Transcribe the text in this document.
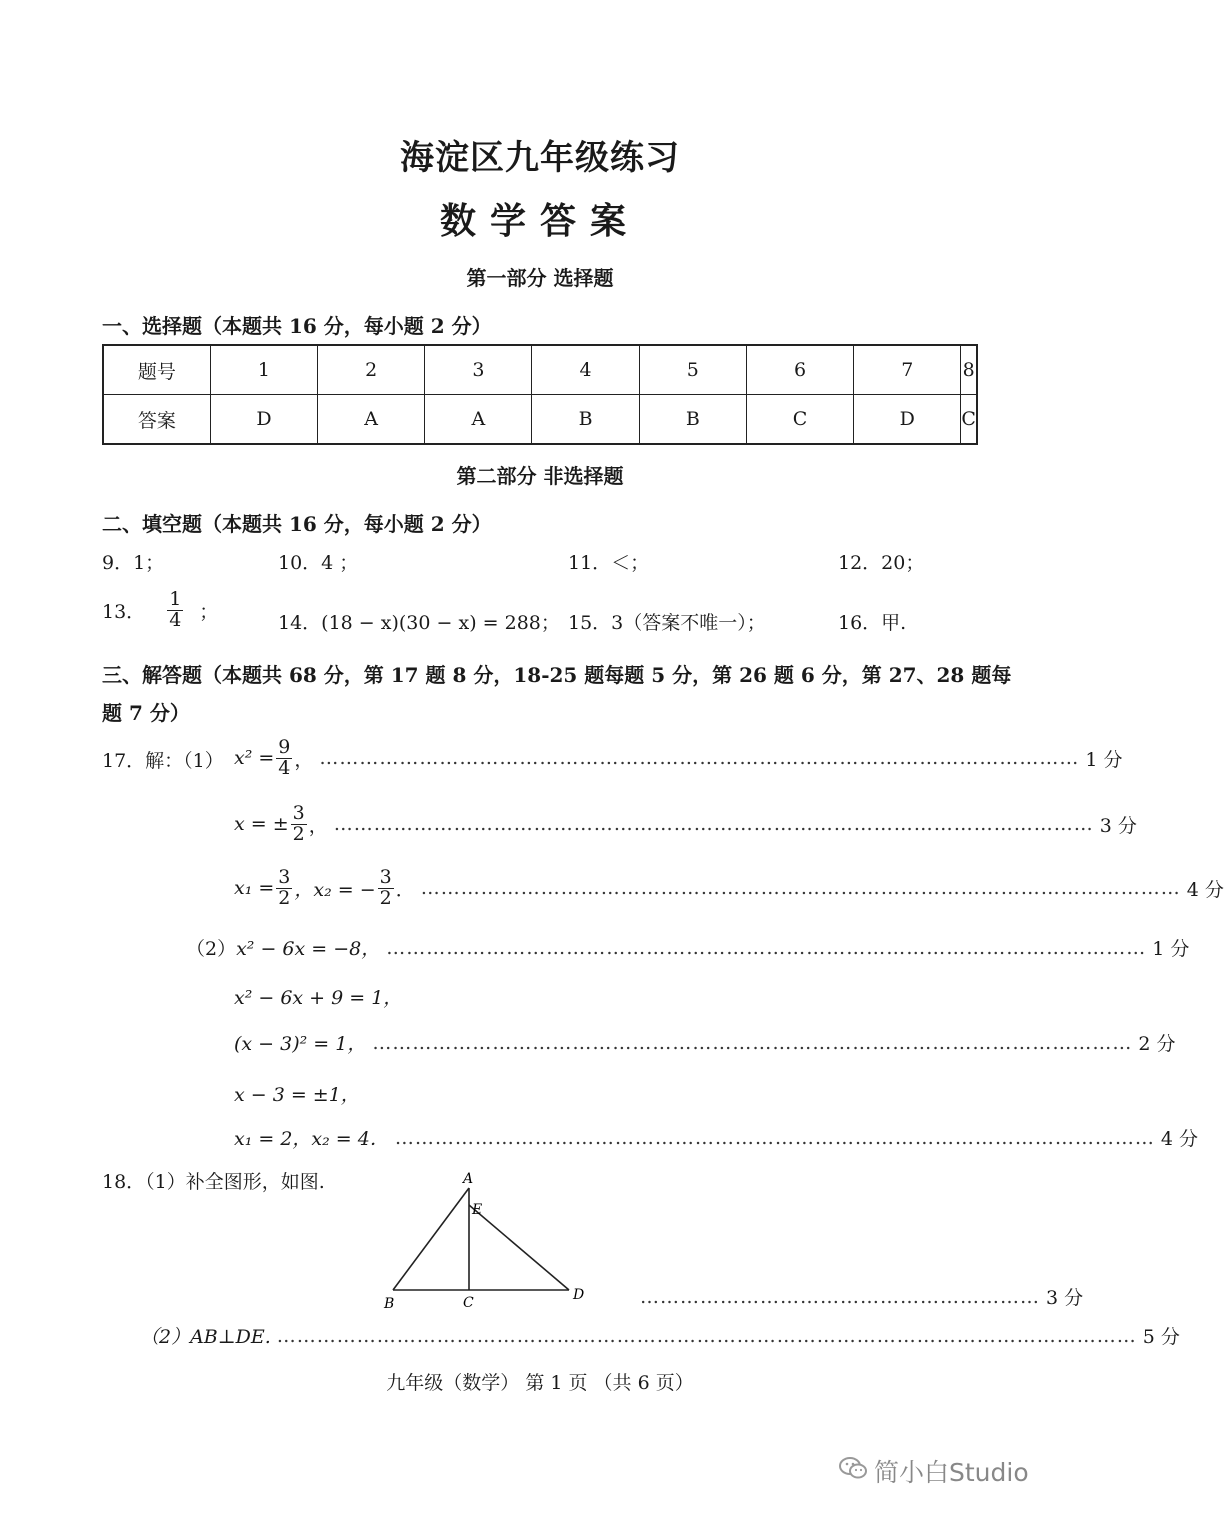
海淀区九年级练习
数学答案
第一部分 选择题
一、选择题（本题共 16 分，每小题 2 分）
题号	1	2	3	4	5	6	7	8
答案	D	A	A	B	B	C	D	C
第二部分 非选择题
二、填空题（本题共 16 分，每小题 2 分）
9．1；	10．4 ；	11．＜；	12．20；
13． $\frac{1}{4}$ ；
14．(18 − x)(30 − x) = 288； 15．3（答案不唯一）；	16．甲.
三、解答题（本题共 68 分，第 17 题 8 分，18-25 题每题 5 分，第 26 题 6 分，第 27、28 题每
题 7 分）
17．解：（1） $x^2 = \frac{9}{4}$ ， …………………………………………………………………………………………………… 1 分
x = ± $\frac{3}{2}$ ， …………………………………………………………………………………………………… 3 分
$x_1 = \frac{3}{2}$ ，x₂ = − $\frac{3}{2}$ ． …………………………………………………………………………………………………… 4 分
（2） x² − 6x = −8， …………………………………………………………………………………………………… 1 分
x² − 6x + 9 = 1，
(x − 3)² = 1， …………………………………………………………………………………………………… 2 分
x − 3 = ±1，
x₁ = 2，x₂ = 4． …………………………………………………………………………………………………… 4 分
18．（1）补全图形，如图.	A
E
B	C	D	…………………………………………………… 3 分
（2）AB⊥DE. ………………………………………………………………………………………………………………… 5 分
九年级（数学） 第 1 页 （共 6 页）
简小白Studio
